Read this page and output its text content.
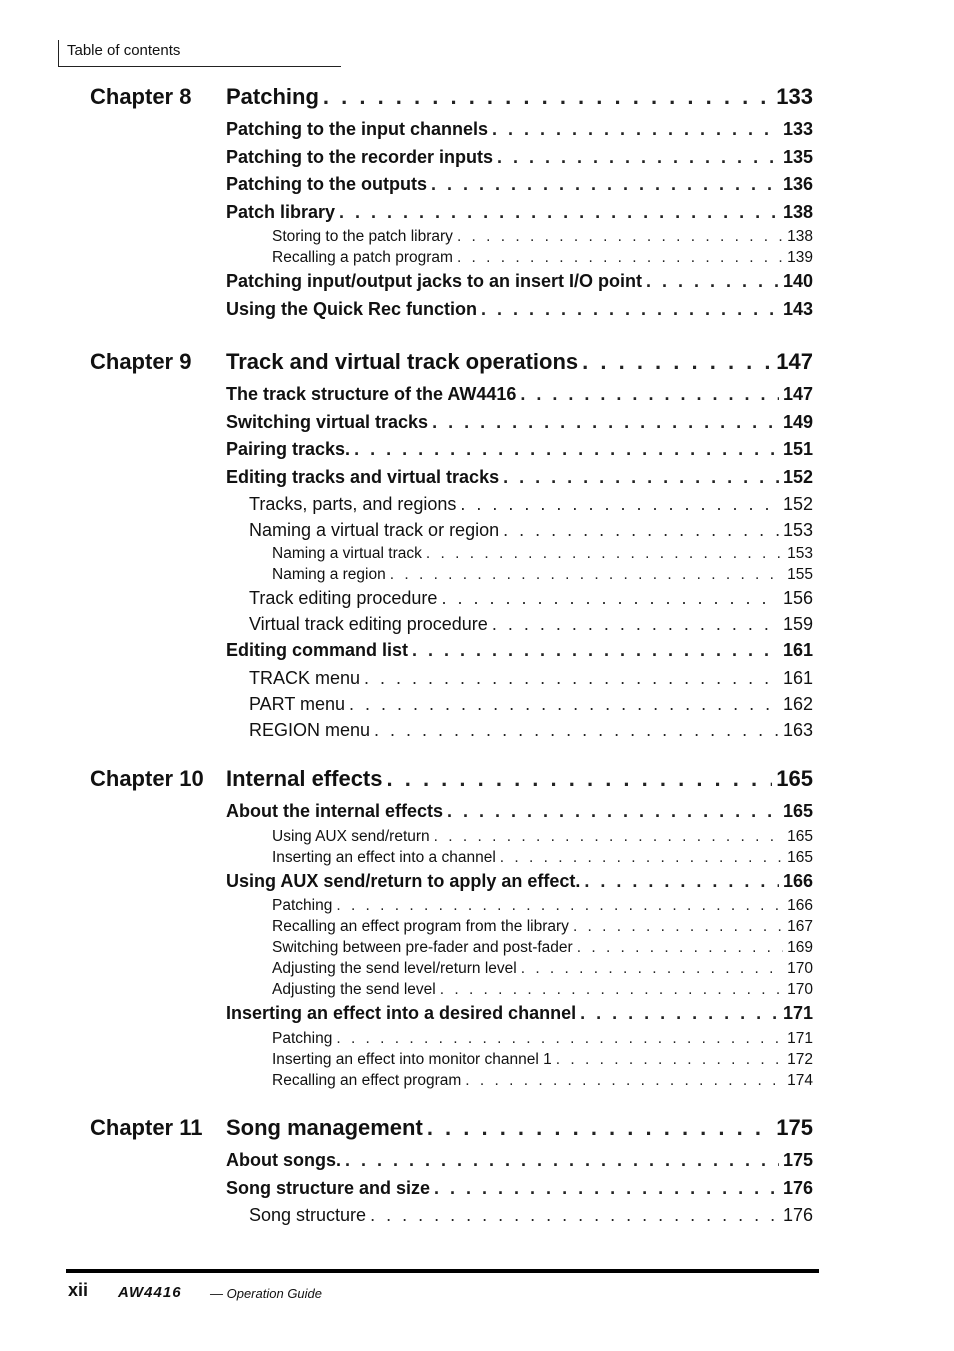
Table of contents
Chapter 8	Patching . . .	133
Patching to the input channels . . .	133
Patching to the recorder inputs . . .	135
Patching to the outputs . . .	136
Patch library . . .	138
Storing to the patch library . . .	138
Recalling a patch program . . .	139
Patching input/output jacks to an insert I/O point . . .	140
Using the Quick Rec function . . .	143
Chapter 9	Track and virtual track operations . . .	147
The track structure of the AW4416 . . .	147
Switching virtual tracks . . .	149
Pairing tracks. . . .	151
Editing tracks and virtual tracks . . .	152
Tracks, parts, and regions . . .	152
Naming a virtual track or region . . .	153
Naming a virtual track . . .	153
Naming a region . . .	155
Track editing procedure . . .	156
Virtual track editing procedure . . .	159
Editing command list . . .	161
TRACK menu . . .	161
PART menu . . .	162
REGION menu . . .	163
Chapter 10	Internal effects . . .	165
About the internal effects . . .	165
Using AUX send/return . . .	165
Inserting an effect into a channel . . .	165
Using AUX send/return to apply an effect. . . .	166
Patching . . .	166
Recalling an effect program from the library . . .	167
Switching between pre-fader and post-fader . . .	169
Adjusting the send level/return level . . .	170
Adjusting the send level . . .	170
Inserting an effect into a desired channel . . .	171
Patching . . .	171
Inserting an effect into monitor channel 1 . . .	172
Recalling an effect program . . .	174
Chapter 11	Song management . . .	175
About songs. . . .	175
Song structure and size . . .	176
Song structure . . .	176
xii AW4416 — Operation Guide
